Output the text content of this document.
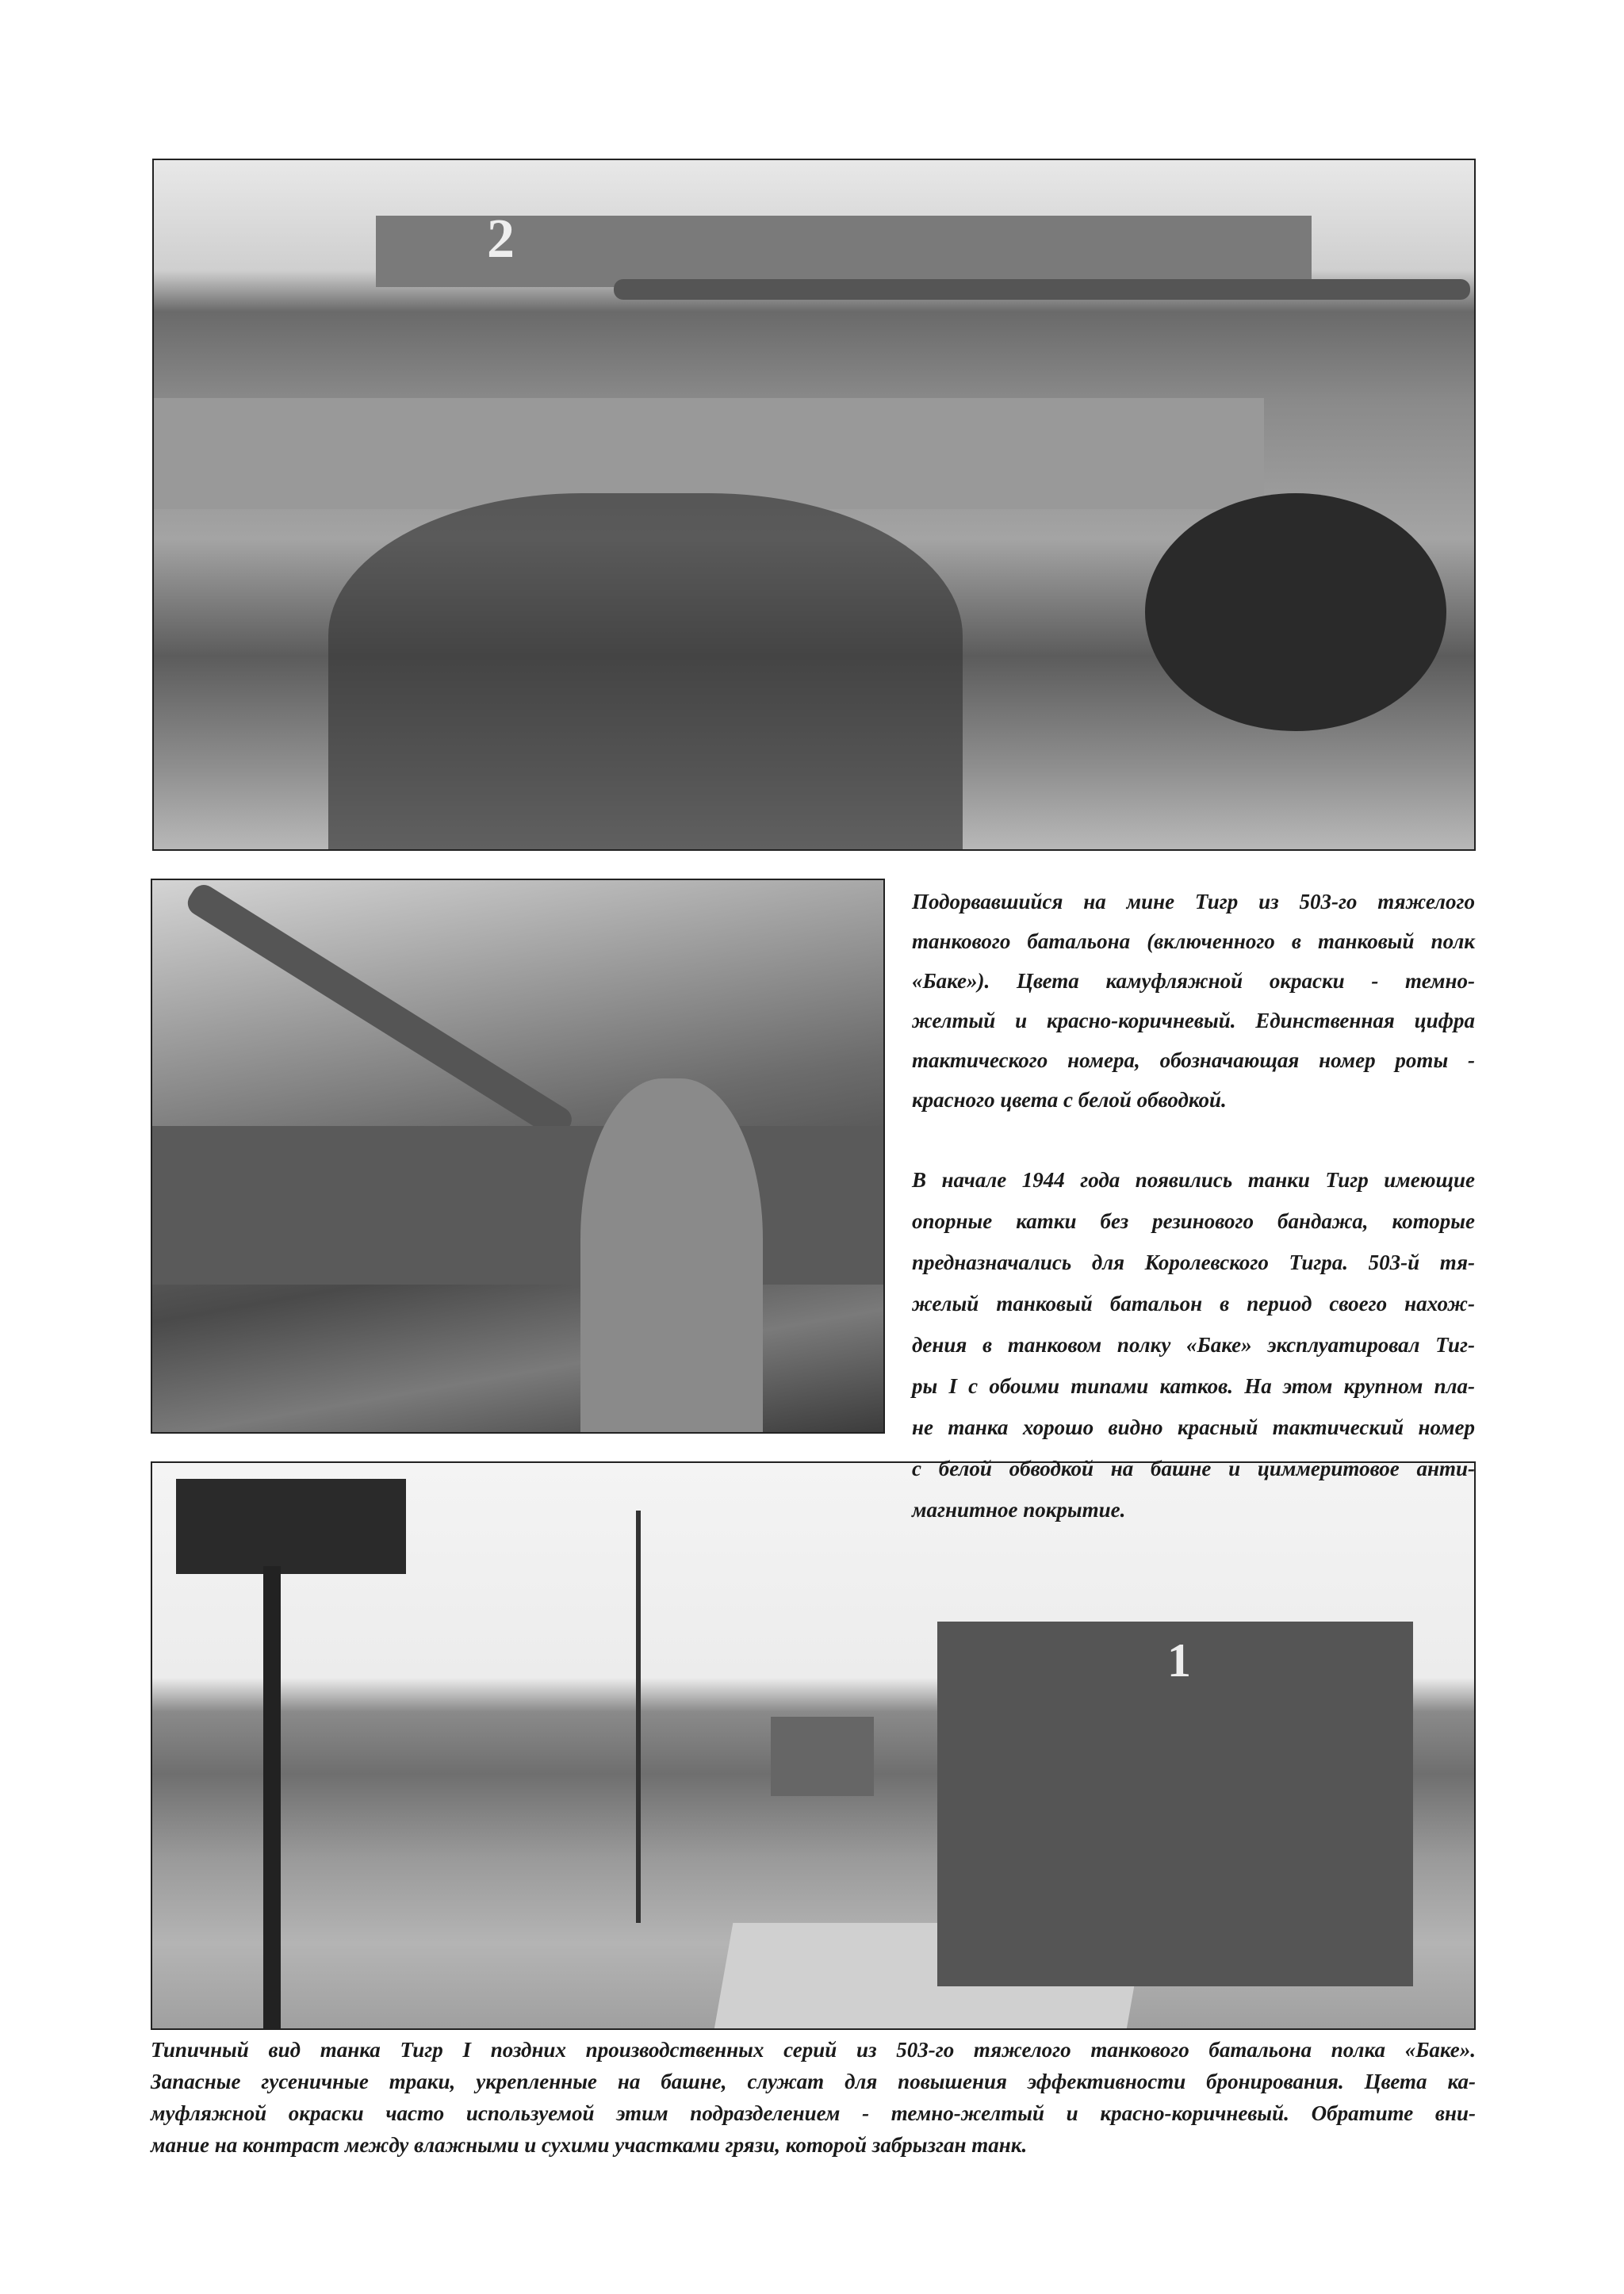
2
1
Подорвавшийся на мине Тигр из 503-го тяжелого
танкового батальона (включенного в танковый полк
«Баке»). Цвета камуфляжной окраски - темно-
желтый и красно-коричневый. Единственная цифра
тактического номера, обозначающая номер роты -
красного цвета с белой обводкой.
В начале 1944 года появились танки Тигр имеющие
опорные катки без резинового бандажа, которые
предназначались для Королевского Тигра. 503-й тя-
желый танковый батальон в период своего нахож-
дения в танковом полку «Баке» эксплуатировал Тиг-
ры I с обоими типами катков. На этом крупном пла-
не танка хорошо видно красный тактический номер
с белой обводкой на башне и циммеритовое анти-
магнитное покрытие.
Типичный вид танка Тигр I поздних производственных серий из 503-го тяжелого танкового батальона полка «Баке».
Запасные гусеничные траки, укрепленные на башне, служат для повышения эффективности бронирования. Цвета ка-
муфляжной окраски часто используемой этим подразделением - темно-желтый и красно-коричневый. Обратите вни-
мание на контраст между влажными и сухими участками грязи, которой забрызган танк.
